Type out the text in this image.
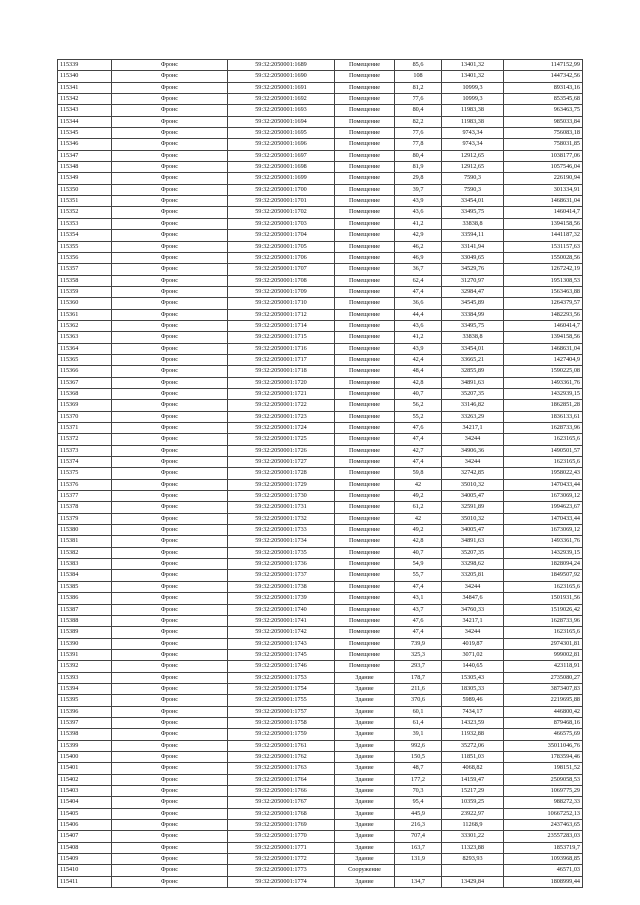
115339	Фронс	59:32:2050001:1689	Помещение	85,6	13401,32	1147152,99
115340	Фронс	59:32:2050001:1690	Помещение	108	13401,32	1447342,56
115341	Фронс	59:32:2050001:1691	Помещение	81,2	10999,3	893143,16
115342	Фронс	59:32:2050001:1692	Помещение	77,6	10999,3	853545,68
115343	Фронс	59:32:2050001:1693	Помещение	80,4	11983,38	963463,75
115344	Фронс	59:32:2050001:1694	Помещение	82,2	11983,38	985033,84
115345	Фронс	59:32:2050001:1695	Помещение	77,6	9743,34	756083,18
115346	Фронс	59:32:2050001:1696	Помещение	77,8	9743,34	758031,85
115347	Фронс	59:32:2050001:1697	Помещение	80,4	12912,65	1038177,06
115348	Фронс	59:32:2050001:1698	Помещение	81,9	12912,65	1057546,04
115349	Фронс	59:32:2050001:1699	Помещение	29,8	7590,3	226190,94
115350	Фронс	59:32:2050001:1700	Помещение	39,7	7590,3	301334,91
115351	Фронс	59:32:2050001:1701	Помещение	43,9	33454,01	1468631,04
115352	Фронс	59:32:2050001:1702	Помещение	43,6	33495,75	1460414,7
115353	Фронс	59:32:2050001:1703	Помещение	41,2	33838,8	1394158,56
115354	Фронс	59:32:2050001:1704	Помещение	42,9	33594,11	1441187,32
115355	Фронс	59:32:2050001:1705	Помещение	46,2	33141,94	1531157,63
115356	Фронс	59:32:2050001:1706	Помещение	46,9	33049,65	1550028,56
115357	Фронс	59:32:2050001:1707	Помещение	36,7	34529,76	1267242,19
115358	Фронс	59:32:2050001:1708	Помещение	62,4	31270,97	1951308,53
115359	Фронс	59:32:2050001:1709	Помещение	47,4	32984,47	1563463,88
115360	Фронс	59:32:2050001:1710	Помещение	36,6	34545,89	1264379,57
115361	Фронс	59:32:2050001:1712	Помещение	44,4	33384,99	1482293,56
115362	Фронс	59:32:2050001:1714	Помещение	43,6	33495,75	1460414,7
115363	Фронс	59:32:2050001:1715	Помещение	41,2	33838,8	1394158,56
115364	Фронс	59:32:2050001:1716	Помещение	43,9	33454,01	1468631,04
115365	Фронс	59:32:2050001:1717	Помещение	42,4	33665,21	1427404,9
115366	Фронс	59:32:2050001:1718	Помещение	48,4	32855,89	1590225,08
115367	Фронс	59:32:2050001:1720	Помещение	42,8	34891,63	1493361,76
115368	Фронс	59:32:2050001:1721	Помещение	40,7	35207,35	1432939,15
115369	Фронс	59:32:2050001:1722	Помещение	56,2	33146,82	1862851,28
115370	Фронс	59:32:2050001:1723	Помещение	55,2	33263,29	1836133,61
115371	Фронс	59:32:2050001:1724	Помещение	47,6	34217,1	1628733,96
115372	Фронс	59:32:2050001:1725	Помещение	47,4	34244	1623165,6
115373	Фронс	59:32:2050001:1726	Помещение	42,7	34906,36	1490501,57
115374	Фронс	59:32:2050001:1727	Помещение	47,4	34244	1623165,6
115375	Фронс	59:32:2050001:1728	Помещение	59,8	32742,85	1958022,43
115376	Фронс	59:32:2050001:1729	Помещение	42	35010,32	1470433,44
115377	Фронс	59:32:2050001:1730	Помещение	49,2	34005,47	1673069,12
115378	Фронс	59:32:2050001:1731	Помещение	61,2	32591,89	1994623,67
115379	Фронс	59:32:2050001:1732	Помещение	42	35010,32	1470433,44
115380	Фронс	59:32:2050001:1733	Помещение	49,2	34005,47	1673069,12
115381	Фронс	59:32:2050001:1734	Помещение	42,8	34891,63	1493361,76
115382	Фронс	59:32:2050001:1735	Помещение	40,7	35207,35	1432939,15
115383	Фронс	59:32:2050001:1736	Помещение	54,9	33298,62	1828094,24
115384	Фронс	59:32:2050001:1737	Помещение	55,7	33205,81	1849507,92
115385	Фронс	59:32:2050001:1738	Помещение	47,4	34244	1623165,6
115386	Фронс	59:32:2050001:1739	Помещение	43,1	34847,6	1501931,56
115387	Фронс	59:32:2050001:1740	Помещение	43,7	34760,33	1519026,42
115388	Фронс	59:32:2050001:1741	Помещение	47,6	34217,1	1628733,96
115389	Фронс	59:32:2050001:1742	Помещение	47,4	34244	1623165,6
115390	Фронс	59:32:2050001:1743	Помещение	739,9	4019,87	2974301,81
115391	Фронс	59:32:2050001:1745	Помещение	325,3	3071,02	999002,81
115392	Фронс	59:32:2050001:1746	Помещение	293,7	1440,65	423118,91
115393	Фронс	59:32:2050001:1753	Здание	178,7	15305,43	2735080,27
115394	Фронс	59:32:2050001:1754	Здание	211,6	18305,33	3873407,83
115395	Фронс	59:32:2050001:1755	Здание	370,6	5989,46	2219695,88
115396	Фронс	59:32:2050001:1757	Здание	60,1	7434,17	446800,42
115397	Фронс	59:32:2050001:1758	Здание	61,4	14323,59	879468,16
115398	Фронс	59:32:2050001:1759	Здание	39,1	11932,88	466575,69
115399	Фронс	59:32:2050001:1761	Здание	992,6	35272,06	35011046,76
115400	Фронс	59:32:2050001:1762	Здание	150,5	11851,03	1783594,46
115401	Фронс	59:32:2050001:1763	Здание	48,7	4068,82	198151,52
115402	Фронс	59:32:2050001:1764	Здание	177,2	14159,47	2509058,53
115403	Фронс	59:32:2050001:1766	Здание	70,3	15217,29	1069775,29
115404	Фронс	59:32:2050001:1767	Здание	95,4	10359,25	988272,33
115405	Фронс	59:32:2050001:1768	Здание	445,9	23922,97	10667252,13
115406	Фронс	59:32:2050001:1769	Здание	216,3	11268,9	2437463,65
115407	Фронс	59:32:2050001:1770	Здание	707,4	33301,22	23557283,03
115408	Фронс	59:32:2050001:1771	Здание	163,7	11323,88	1853719,7
115409	Фронс	59:32:2050001:1772	Здание	131,9	8293,93	1093968,85
115410	Фронс	59:32:2050001:1773	Сооружение			46571,03
115411	Фронс	59:32:2050001:1774	Здание	134,7	13429,84	1808999,44
